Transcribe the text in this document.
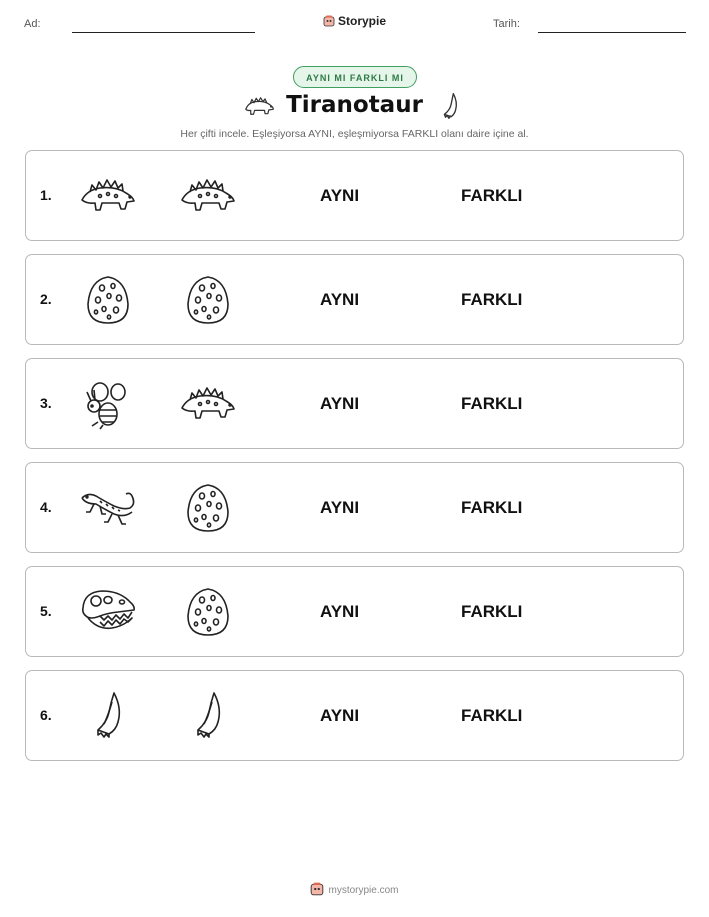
Ad:	Storypie	Tarih:
AYNI MI FARKLI MI
Tiranotaur
Her çifti incele. Eşleşiyorsa AYNI, eşleşmiyorsa FARKLI olanı daire içine al.
1.	AYNI	FARKLI
2.	AYNI	FARKLI
3.	AYNI	FARKLI
4.	AYNI	FARKLI
5.	AYNI	FARKLI
6.	AYNI	FARKLI
mystorypie.com
